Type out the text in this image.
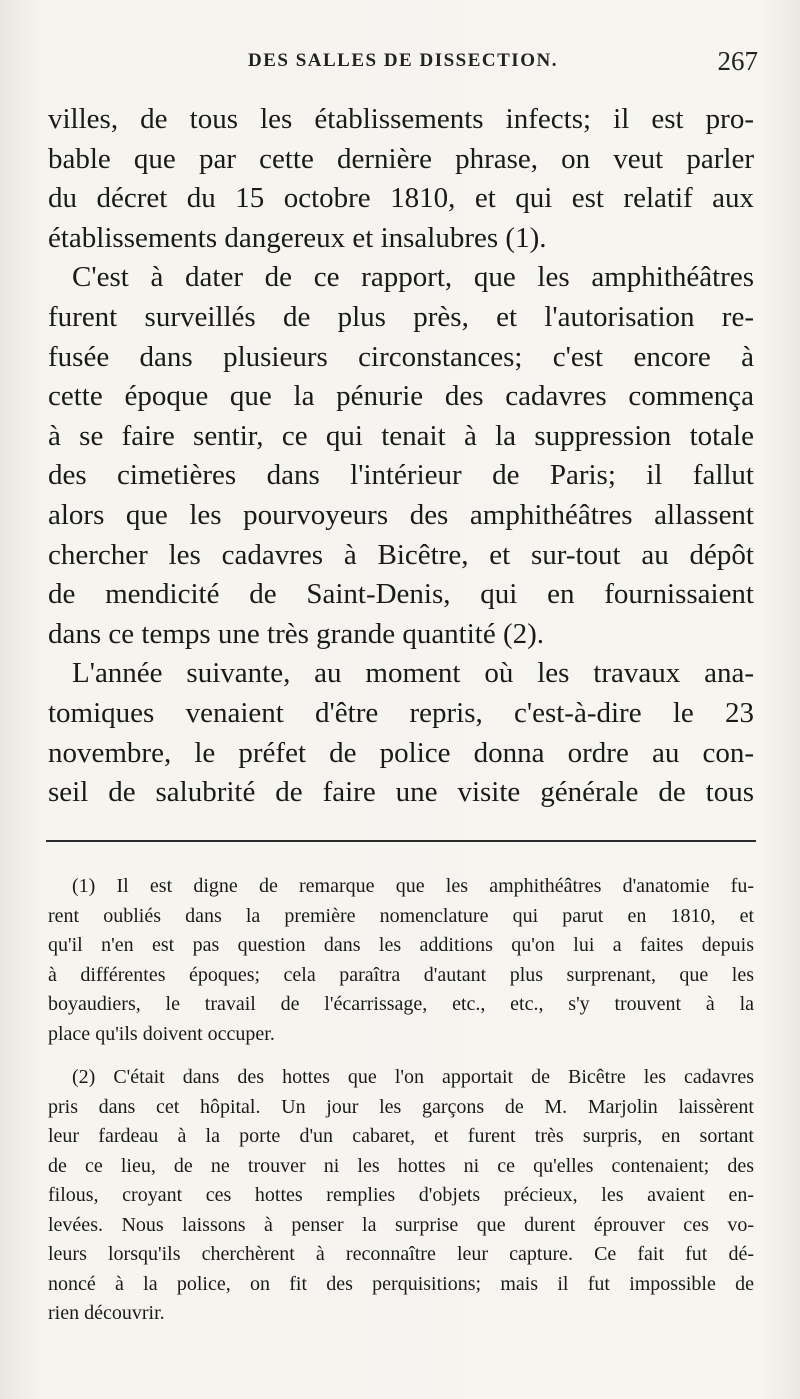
DES SALLES DE DISSECTION.	267
villes, de tous les établissements infects; il est pro-
bable que par cette dernière phrase, on veut parler
du décret du 15 octobre 1810, et qui est relatif aux
établissements dangereux et insalubres (1).
C'est à dater de ce rapport, que les amphithéâtres
furent surveillés de plus près, et l'autorisation re-
fusée dans plusieurs circonstances; c'est encore à
cette époque que la pénurie des cadavres commença
à se faire sentir, ce qui tenait à la suppression totale
des cimetières dans l'intérieur de Paris; il fallut
alors que les pourvoyeurs des amphithéâtres allassent
chercher les cadavres à Bicêtre, et sur-tout au dépôt
de mendicité de Saint-Denis, qui en fournissaient
dans ce temps une très grande quantité (2).
L'année suivante, au moment où les travaux ana-
tomiques venaient d'être repris, c'est-à-dire le 23
novembre, le préfet de police donna ordre au con-
seil de salubrité de faire une visite générale de tous
(1) Il est digne de remarque que les amphithéâtres d'anatomie fu-
rent oubliés dans la première nomenclature qui parut en 1810, et
qu'il n'en est pas question dans les additions qu'on lui a faites depuis
à différentes époques; cela paraîtra d'autant plus surprenant, que les
boyaudiers, le travail de l'écarrissage, etc., etc., s'y trouvent à la
place qu'ils doivent occuper.
(2) C'était dans des hottes que l'on apportait de Bicêtre les cadavres
pris dans cet hôpital. Un jour les garçons de M. Marjolin laissèrent
leur fardeau à la porte d'un cabaret, et furent très surpris, en sortant
de ce lieu, de ne trouver ni les hottes ni ce qu'elles contenaient; des
filous, croyant ces hottes remplies d'objets précieux, les avaient en-
levées. Nous laissons à penser la surprise que durent éprouver ces vo-
leurs lorsqu'ils cherchèrent à reconnaître leur capture. Ce fait fut dé-
noncé à la police, on fit des perquisitions; mais il fut impossible de
rien découvrir.
